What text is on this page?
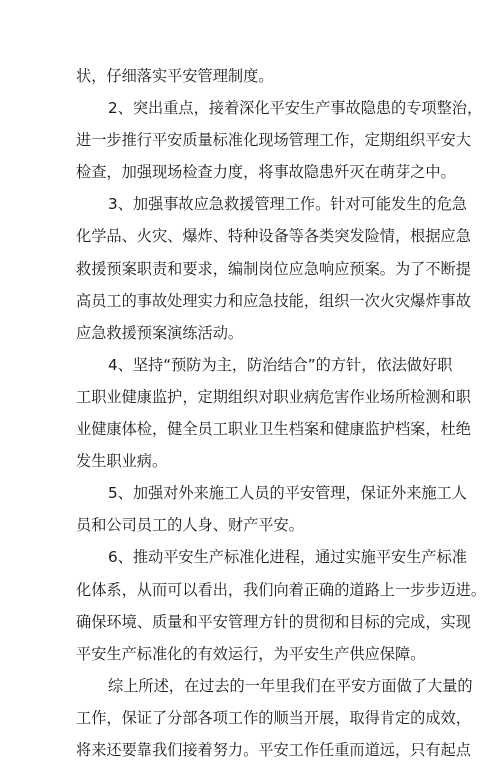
状，仔细落实平安管理制度。
2、突出重点，接着深化平安生产事故隐患的专项整治，
进一步推行平安质量标准化现场管理工作，定期组织平安大
检查，加强现场检查力度，将事故隐患歼灭在萌芽之中。
3、加强事故应急救援管理工作。针对可能发生的危急
化学品、火灾、爆炸、特种设备等各类突发险情，根据应急
救援预案职责和要求，编制岗位应急响应预案。为了不断提
高员工的事故处理实力和应急技能，组织一次火灾爆炸事故
应急救援预案演练活动。
4、坚持“预防为主，防治结合”的方针，依法做好职
工职业健康监护，定期组织对职业病危害作业场所检测和职
业健康体检，健全员工职业卫生档案和健康监护档案，杜绝
发生职业病。
5、加强对外来施工人员的平安管理，保证外来施工人
员和公司员工的人身、财产平安。
6、推动平安生产标准化进程，通过实施平安生产标准
化体系，从而可以看出，我们向着正确的道路上一步步迈进。
确保环境、质量和平安管理方针的贯彻和目标的完成，实现
平安生产标准化的有效运行，为平安生产供应保障。
综上所述，在过去的一年里我们在平安方面做了大量的
工作，保证了分部各项工作的顺当开展，取得肯定的成效，
将来还要靠我们接着努力。平安工作任重而道远，只有起点
